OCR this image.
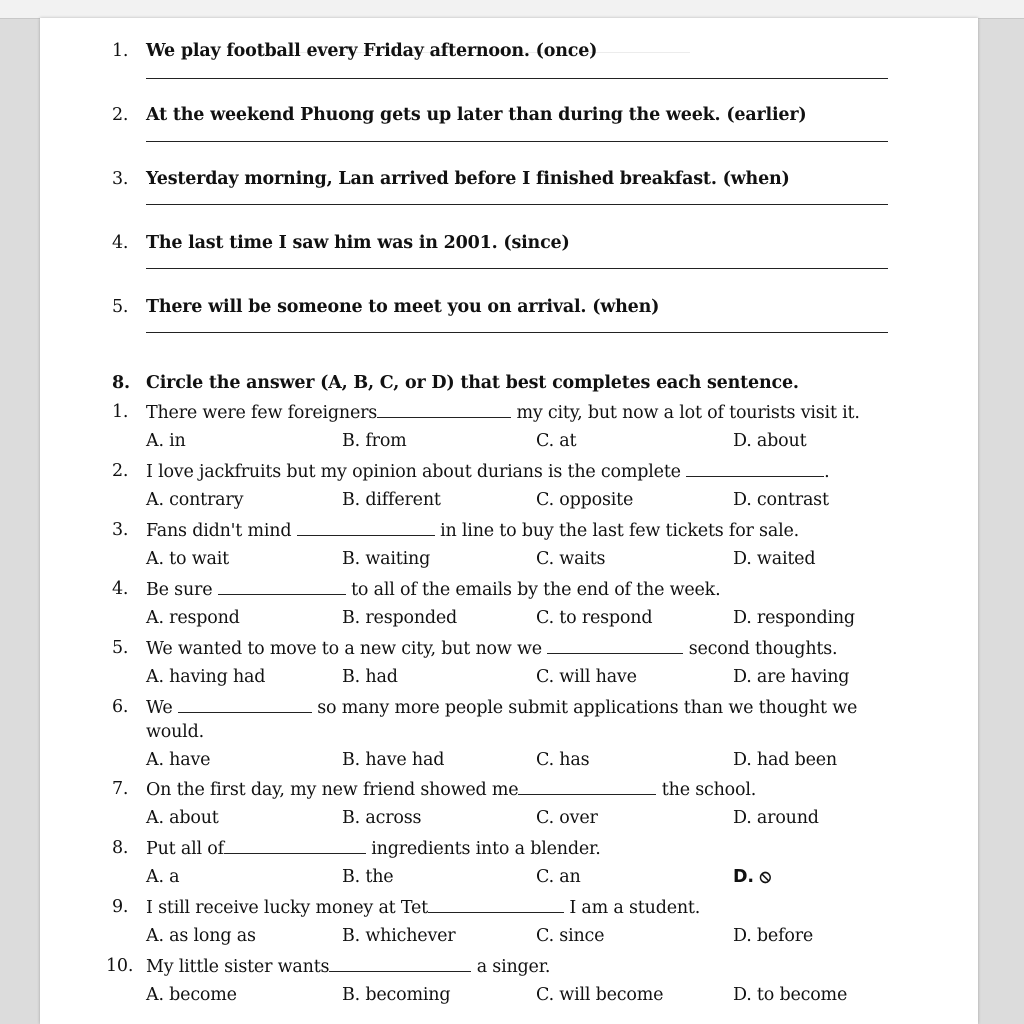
1. We play football every Friday afternoon. (once)
2. At the weekend Phuong gets up later than during the week. (earlier)
3. Yesterday morning, Lan arrived before I finished breakfast. (when)
4. The last time I saw him was in 2001. (since)
5. There will be someone to meet you on arrival. (when)
8. Circle the answer (A, B, C, or D) that best completes each sentence.
1. There were few foreigners	my city, but now a lot of tourists visit it.
A. in	B. from	C. at	D. about
2. I love jackfruits but my opinion about durians is the complete	.
A. contrary	B. different	C. opposite	D. contrast
3. Fans didn't mind	in line to buy the last few tickets for sale.
A. to wait	B. waiting	C. waits	D. waited
4. Be sure	to all of the emails by the end of the week.
A. respond	B. responded	C. to respond	D. responding
5. We wanted to move to a new city, but now we	second thoughts.
A. having had	B. had	C. will have	D. are having
6. We	so many more people submit applications than we thought we
would.
A. have	B. have had	C. has	D. had been
7. On the first day, my new friend showed me	the school.
A. about	B. across	C. over	D. around
8. Put all of	ingredients into a blender.
A. a	B. the	C. an	D. ⦸
9. I still receive lucky money at Tet	I am a student.
A. as long as	B. whichever	C. since	D. before
10. My little sister wants	a singer.
A. become	B. becoming	C. will become	D. to become
